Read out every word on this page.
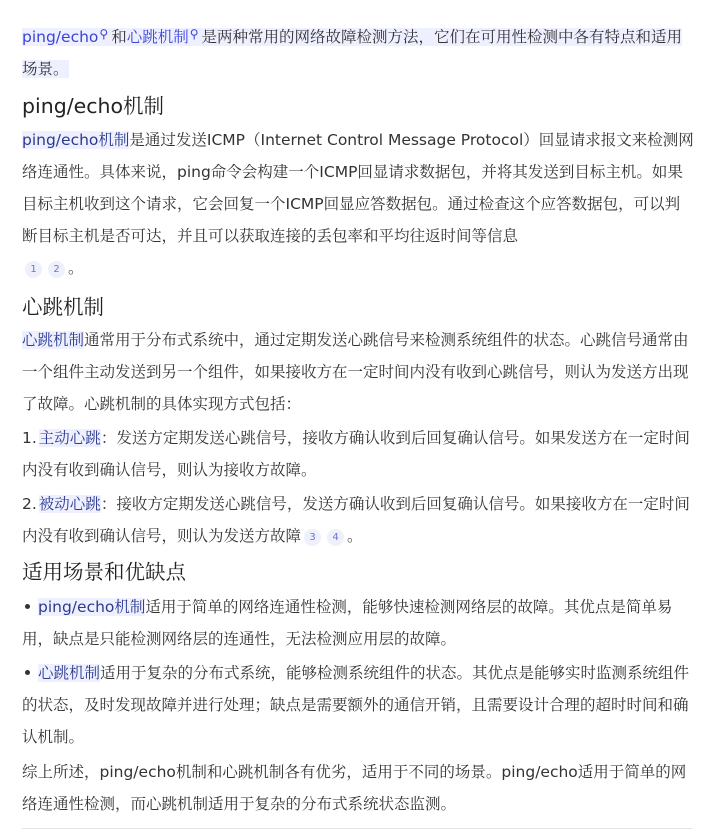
ping/echo⚲ 和心跳机制⚲ 是两种常用的网络故障检测方法，它们在可用性检测中各有特点和适用场景。

ping/echo机制

ping/echo机制是通过发送ICMP（Internet Control Message Protocol）回显请求报文来检测网络连通性。具体来说，ping命令会构建一个ICMP回显请求数据包，并将其发送到目标主机。如果目标主机收到这个请求，它会回复一个ICMP回显应答数据包。通过检查这个应答数据包，可以判断目标主机是否可达，并且可以获取连接的丢包率和平均往返时间等信息
1 2 。

心跳机制

心跳机制通常用于分布式系统中，通过定期发送心跳信号来检测系统组件的状态。心跳信号通常由一个组件主动发送到另一个组件，如果接收方在一定时间内没有收到心跳信号，则认为发送方出现了故障。心跳机制的具体实现方式包括：

1. 主动心跳：发送方定期发送心跳信号，接收方确认收到后回复确认信号。如果发送方在一定时间内没有收到确认信号，则认为接收方故障。
2. 被动心跳：接收方定期发送心跳信号，发送方确认收到后回复确认信号。如果接收方在一定时间内没有收到确认信号，则认为发送方故障 3 4 。
适用场景和优缺点
ping/echo机制适用于简单的网络连通性检测，能够快速检测网络层的故障。其优点是简单易用，缺点是只能检测网络层的连通性，无法检测应用层的故障。
心跳机制适用于复杂的分布式系统，能够检测系统组件的状态。其优点是能够实时监测系统组件的状态，及时发现故障并进行处理；缺点是需要额外的通信开销，且需要设计合理的超时时间和确认机制。

综上所述，ping/echo机制和心跳机制各有优劣，适用于不同的场景。ping/echo适用于简单的网络连通性检测，而心跳机制适用于复杂的分布式系统状态监测。
